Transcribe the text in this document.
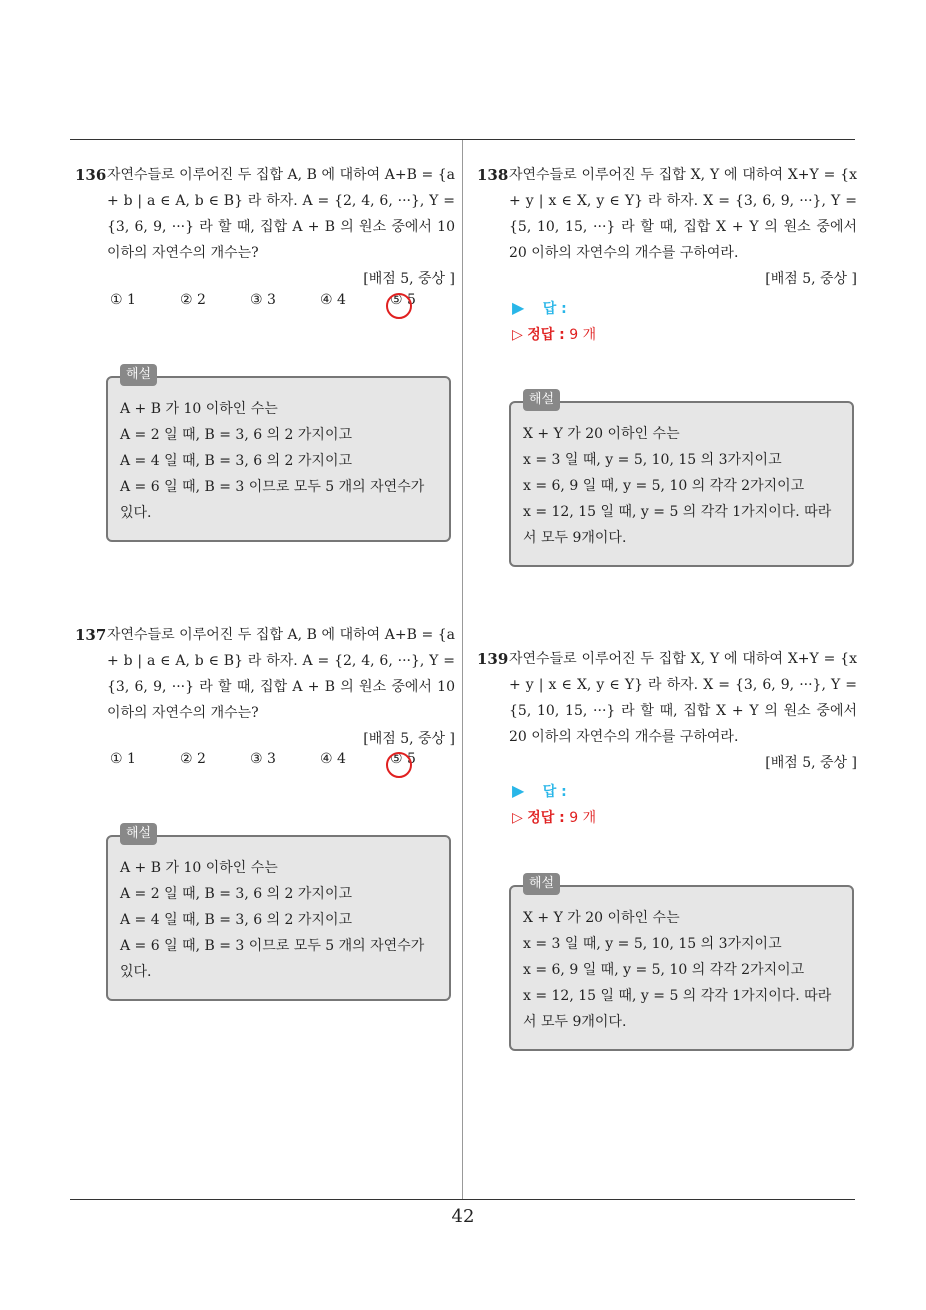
136 자연수들로 이루어진 두 집합 A, B 에 대하여 A+B = {a + b | a ∈ A, b ∈ B} 라 하자. A = {2, 4, 6, ···}, Y = {3, 6, 9, ···} 라 할 때, 집합 A + B 의 원소 중에서 10 이하의 자연수의 개수는?
[배점 5, 중상 ]
① 1	② 2	③ 3	④ 4	⑤ 5
해설
A + B 가 10 이하인 수는
A = 2 일 때, B = 3, 6 의 2 가지이고
A = 4 일 때, B = 3, 6 의 2 가지이고
A = 6 일 때, B = 3 이므로 모두 5 개의 자연수가
있다.
137 자연수들로 이루어진 두 집합 A, B 에 대하여 A+B = {a + b | a ∈ A, b ∈ B} 라 하자. A = {2, 4, 6, ···}, Y = {3, 6, 9, ···} 라 할 때, 집합 A + B 의 원소 중에서 10 이하의 자연수의 개수는?
[배점 5, 중상 ]
① 1	② 2	③ 3	④ 4	⑤ 5
해설
A + B 가 10 이하인 수는
A = 2 일 때, B = 3, 6 의 2 가지이고
A = 4 일 때, B = 3, 6 의 2 가지이고
A = 6 일 때, B = 3 이므로 모두 5 개의 자연수가
있다.
138 자연수들로 이루어진 두 집합 X, Y 에 대하여 X+Y = {x + y | x ∈ X, y ∈ Y} 라 하자. X = {3, 6, 9, ···}, Y = {5, 10, 15, ···} 라 할 때, 집합 X + Y 의 원소 중에서 20 이하의 자연수의 개수를 구하여라.
[배점 5, 중상 ]
▶ 답 :
▷ 정답 : 9 개
해설
X + Y 가 20 이하인 수는
x = 3 일 때, y = 5, 10, 15 의 3가지이고
x = 6, 9 일 때, y = 5, 10 의 각각 2가지이고
x = 12, 15 일 때, y = 5 의 각각 1가지이다. 따라
서 모두 9개이다.
139 자연수들로 이루어진 두 집합 X, Y 에 대하여 X+Y = {x + y | x ∈ X, y ∈ Y} 라 하자. X = {3, 6, 9, ···}, Y = {5, 10, 15, ···} 라 할 때, 집합 X + Y 의 원소 중에서 20 이하의 자연수의 개수를 구하여라.
[배점 5, 중상 ]
▶ 답 :
▷ 정답 : 9 개
해설
X + Y 가 20 이하인 수는
x = 3 일 때, y = 5, 10, 15 의 3가지이고
x = 6, 9 일 때, y = 5, 10 의 각각 2가지이고
x = 12, 15 일 때, y = 5 의 각각 1가지이다. 따라
서 모두 9개이다.
42
